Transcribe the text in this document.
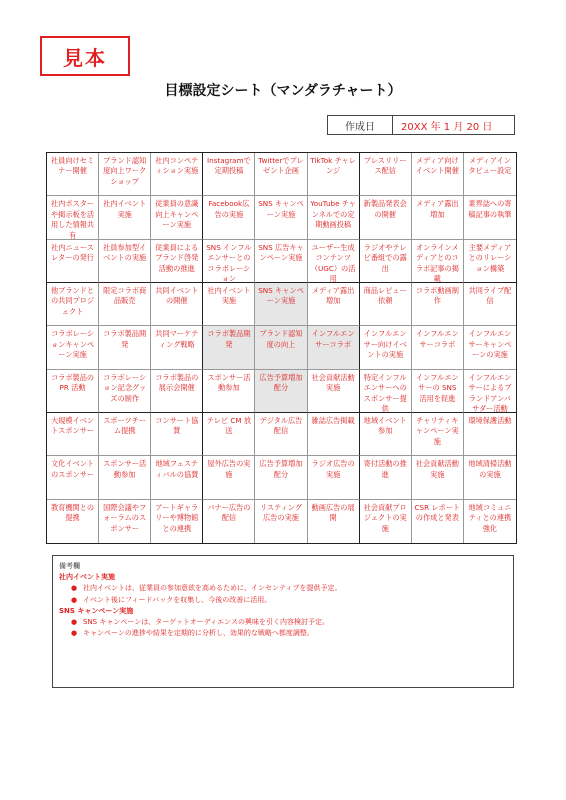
見本
目標設定シート（マンダラチャート）
作成日	20XX 年 1 月 20 日
社員向けセミナー開催
ブランド認知度向上ワークショップ
社内コンペティション実施
Instagramで定期投稿
Twitterでプレゼント企画
TikTok チャレンジ
プレスリリース配信
メディア向けイベント開催
メディアインタビュー設定
社内ポスターや掲示板を活用した情報共有
社内イベント実施
従業員の意識向上キャンペーン実施
Facebook広告の実施
SNS キャンペーン実施
YouTube チャンネルでの定期動画投稿
新製品発表会の開催
メディア露出増加
業界誌への寄稿記事の執筆
社内ニュースレターの発行
社員参加型イベントの実施
従業員によるブランド啓発活動の推進
SNS インフルエンサーとのコラボレーション
SNS 広告キャンペーン実施
ユーザー生成コンテンツ（UGC）の活用
ラジオやテレビ番組での露出
オンラインメディアとのコラボ記事の掲載
主要メディアとのリレーション構築
他ブランドとの共同プロジェクト
限定コラボ商品販売
共同イベントの開催
社内イベント実施
SNS キャンペーン実施
メディア露出増加
商品レビュー依頼
コラボ動画制作
共同ライブ配信
コラボレーションキャンペーン実施
コラボ製品開発
共同マーケティング戦略
コラボ製品開発
ブランド認知度の向上
インフルエンサーコラボ
インフルエンサー向けイベントの実施
インフルエンサーコラボ
インフルエンサーキャンペーンの実施
コラボ製品のPR 活動
コラボレーション記念グッズの制作
コラボ製品の展示会開催
スポンサー活動参加
広告予算増加配分
社会貢献活動実施
特定インフルエンサーへのスポンサー提供
インフルエンサーの SNS 活用を促進
インフルエンサーによるブランドアンバサダー活動
大規模イベントスポンサー
スポーツチーム提携
コンサート協賛
テレビ CM 放送
デジタル広告配信
雑誌広告掲載	地域イベント参加
チャリティキャンペーン実施
環境保護活動
文化イベントのスポンサー
スポンサー活動参加
地域フェスティバルの協賛
屋外広告の実施
広告予算増加配分
ラジオ広告の実施
寄付活動の推進
社会貢献活動実施
地域清掃活動の実施
教育機関との提携
国際会議やフォーラムのスポンサー
アートギャラリーや博物館との連携
バナー広告の配信
リスティング広告の実施
動画広告の展開
社会貢献プロジェクトの実施
CSR レポートの作成と発表
地域コミュニティとの連携強化
備考欄
社内イベント実施
● 社内イベントは、従業員の参加意欲を高めるために、インセンティブを提供予定。
● イベント後にフィードバックを収集し、今後の改善に活用。
SNS キャンペーン実施
● SNS キャンペーンは、ターゲットオーディエンスの興味を引く内容検討予定。
● キャンペーンの進捗や結果を定期的に分析し、効果的な戦略へ都度調整。
